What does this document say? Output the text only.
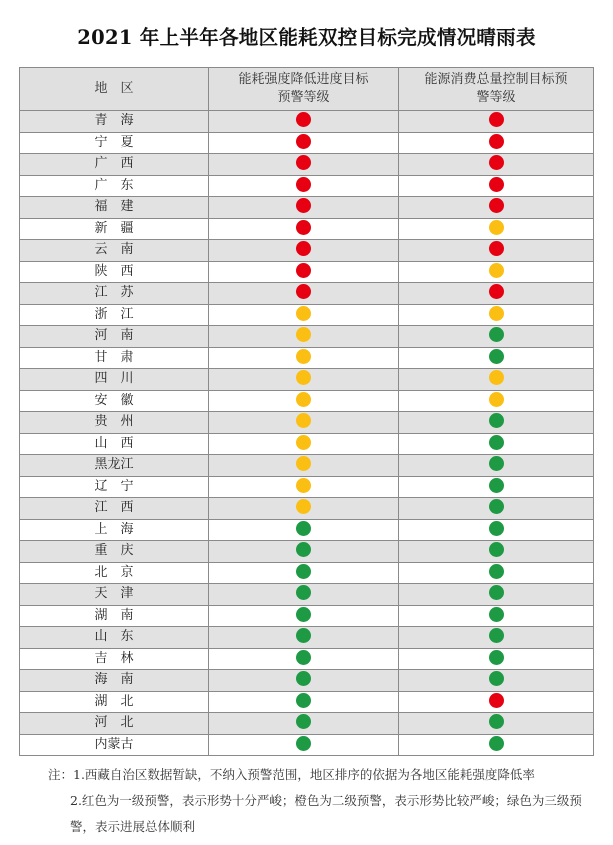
2021 年上半年各地区能耗双控目标完成情况晴雨表
地　区	能耗强度降低进度目标预警等级	能源消费总量控制目标预警等级

青　海		
宁　夏		
广　西		
广　东		
福　建		
新　疆		
云　南		
陕　西		
江　苏		
浙　江		
河　南		
甘　肃		
四　川		
安　徽		
贵　州		
山　西		
黑龙江		
辽　宁		
江　西		
上　海		
重　庆		
北　京		
天　津		
湖　南		
山　东		
吉　林		
海　南		
湖　北		
河　北		
内蒙古		
注：1.西藏自治区数据暂缺，不纳入预警范围，地区排序的依据为各地区能耗强度降低率
2.红色为一级预警，表示形势十分严峻；橙色为二级预警，表示形势比较严峻；绿色为三级预警，表示进展总体顺利
